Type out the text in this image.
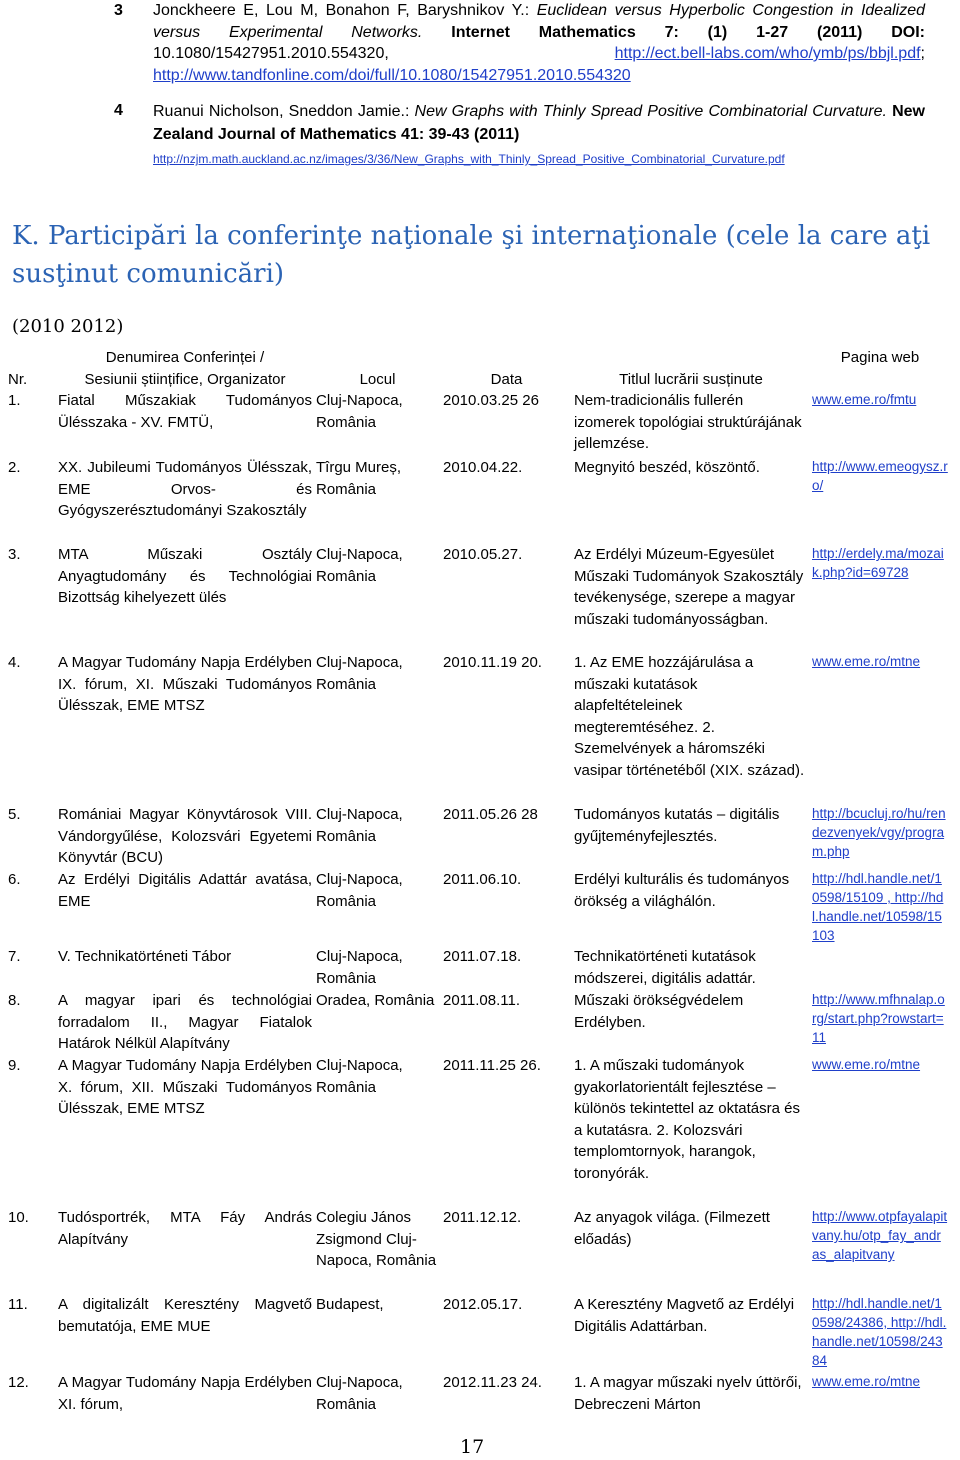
Jonckheere E, Lou M, Bonahon F, Baryshnikov Y.: Euclidean versus Hyperbolic Congestion in Idealized versus Experimental Networks. Internet Mathematics 7: (1) 1-27 (2011) DOI: 10.1080/15427951.2010.554320,	http://ect.bell-labs.com/who/ymb/ps/bbjl.pdf; http://www.tandfonline.com/doi/full/10.1080/15427951.2010.554320
3
4 Ruanui Nicholson, Sneddon Jamie.: New Graphs with Thinly Spread Positive Combinatorial Curvature. New Zealand Journal of Mathematics 41: 39-43 (2011)
http://nzjm.math.auckland.ac.nz/images/3/36/New_Graphs_with_Thinly_Spread_Positive_Combinatorial_Curvature.pdf
K. Participări la conferinţe naţionale şi internaţionale (cele la care aţi susţinut comunicări)
(2010 2012)
Nr.	Denumirea Conferinței /
Sesiunii științifice, Organizator	Locul	Data	Titlul lucrării susținute	Pagina web
1.	Fiatal Műszakiak Tudományos Ülésszaka - XV. FMTÜ,	Cluj-Napoca, România	2010.03.25 26	Nem-tradicionális fullerén izomerek topológiai struktúrájának jellemzése.	www.eme.ro/fmtu
2.	XX. Jubileumi Tudományos Ülésszak, EME Orvos- és Gyógyszerésztudományi Szakosztály	Tîrgu Mureș, România	2010.04.22.	Megnyitó beszéd, köszöntő.	http://www.emeogysz.ro/
3.	MTA Műszaki Osztály Anyagtudomány és Technológiai Bizottság kihelyezett ülés	Cluj-Napoca, România	2010.05.27.	Az Erdélyi Múzeum-Egyesület Műszaki Tudományok Szakosztály tevékenysége, szerepe a magyar műszaki tudományosságban.	http://erdely.ma/mozaik.php?id=69728
4.	A Magyar Tudomány Napja Erdélyben IX. fórum, XI. Műszaki Tudományos Ülésszak, EME MTSZ	Cluj-Napoca, România	2010.11.19 20.	1. Az EME hozzájárulása a műszaki kutatások alapfeltételeinek megteremtéséhez. 2. Szemelvények a háromszéki vasipar történetéből (XIX. század).	www.eme.ro/mtne
5.	Romániai Magyar Könyvtárosok VIII. Vándorgyűlése, Kolozsvári Egyetemi Könyvtár (BCU)	Cluj-Napoca, România	2011.05.26 28	Tudományos kutatás – digitális gyűjteményfejlesztés.	http://bcucluj.ro/hu/rendezvenyek/vgy/program.php
6.	Az Erdélyi Digitális Adattár avatása, EME	Cluj-Napoca, România	2011.06.10.	Erdélyi kulturális és tudományos örökség a világhálón.	http://hdl.handle.net/10598/15109 , http://hdl.handle.net/10598/15103
7.	V. Technikatörténeti Tábor	Cluj-Napoca, România	2011.07.18.	Technikatörténeti kutatások módszerei, digitális adattár.	
8.	A magyar ipari és technológiai forradalom II., Magyar Fiatalok Határok Nélkül Alapítvány	Oradea, România	2011.08.11.	Műszaki örökségvédelem Erdélyben.	http://www.mfhnalap.org/start.php?rowstart=11
9.	A Magyar Tudomány Napja Erdélyben X. fórum, XII. Műszaki Tudományos Ülésszak, EME MTSZ	Cluj-Napoca, România	2011.11.25 26.	1. A műszaki tudományok gyakorlatorientált fejlesztése – különös tekintettel az oktatásra és a kutatásra. 2. Kolozsvári templomtornyok, harangok, toronyórák.	www.eme.ro/mtne
10.	Tudósportrék, MTA Fáy András Alapítvány	Colegiu János Zsigmond Cluj-Napoca, România	2011.12.12.	Az anyagok világa. (Filmezett előadás)	http://www.otpfayalapitvany.hu/otp_fay_andras_alapitvany
11.	A digitalizált Keresztény Magvető bemutatója, EME MUE	Budapest,	2012.05.17.	A Keresztény Magvető az Erdélyi Digitális Adattárban.	http://hdl.handle.net/10598/24386, http://hdl.handle.net/10598/24384
12.	A Magyar Tudomány Napja Erdélyben XI. fórum,	Cluj-Napoca, România	2012.11.23 24.	1. A magyar műszaki nyelv úttörői, Debreczeni Márton	www.eme.ro/mtne
17
